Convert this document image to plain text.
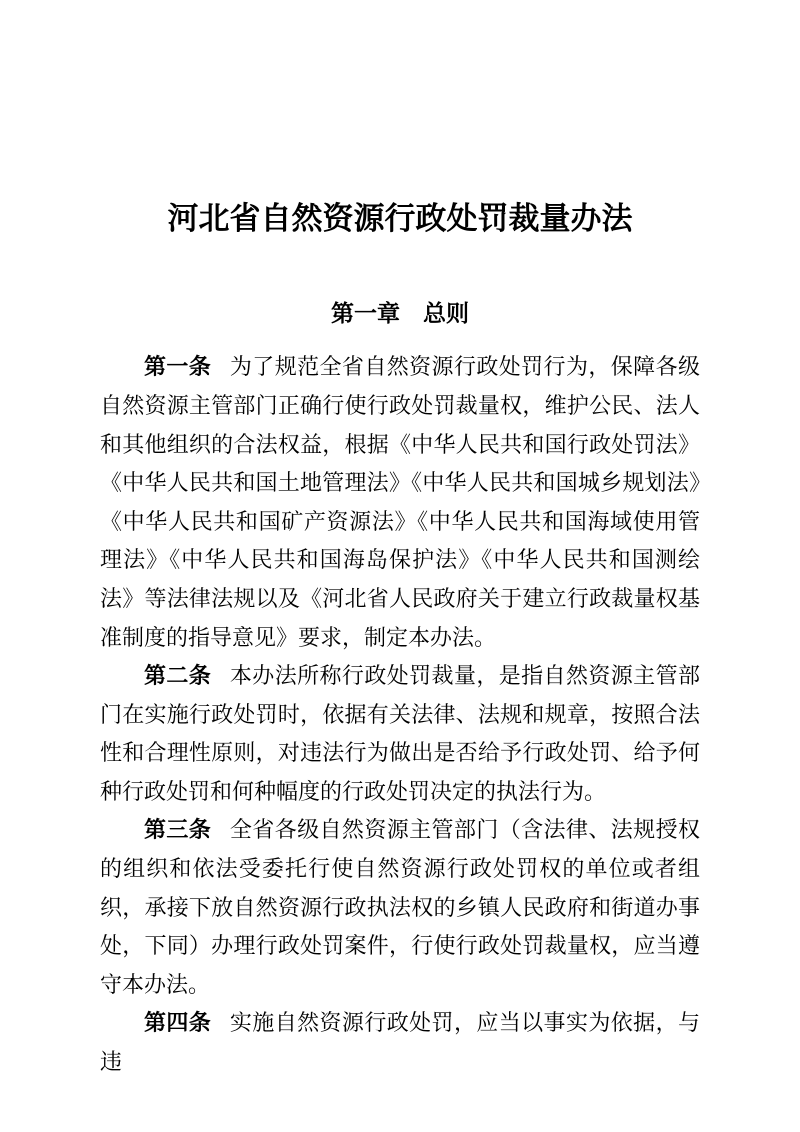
河北省自然资源行政处罚裁量办法
第一章　总则

第一条 为了规范全省自然资源行政处罚行为，保障各级自然资源主管部门正确行使行政处罚裁量权，维护公民、法人和其他组织的合法权益，根据《中华人民共和国行政处罚法》《中华人民共和国土地管理法》《中华人民共和国城乡规划法》《中华人民共和国矿产资源法》《中华人民共和国海域使用管理法》《中华人民共和国海岛保护法》《中华人民共和国测绘法》等法律法规以及《河北省人民政府关于建立行政裁量权基准制度的指导意见》要求，制定本办法。

第二条 本办法所称行政处罚裁量，是指自然资源主管部门在实施行政处罚时，依据有关法律、法规和规章，按照合法性和合理性原则，对违法行为做出是否给予行政处罚、给予何种行政处罚和何种幅度的行政处罚决定的执法行为。

第三条 全省各级自然资源主管部门（含法律、法规授权的组织和依法受委托行使自然资源行政处罚权的单位或者组织，承接下放自然资源行政执法权的乡镇人民政府和街道办事处，下同）办理行政处罚案件，行使行政处罚裁量权，应当遵守本办法。

第四条 实施自然资源行政处罚，应当以事实为依据，与违
